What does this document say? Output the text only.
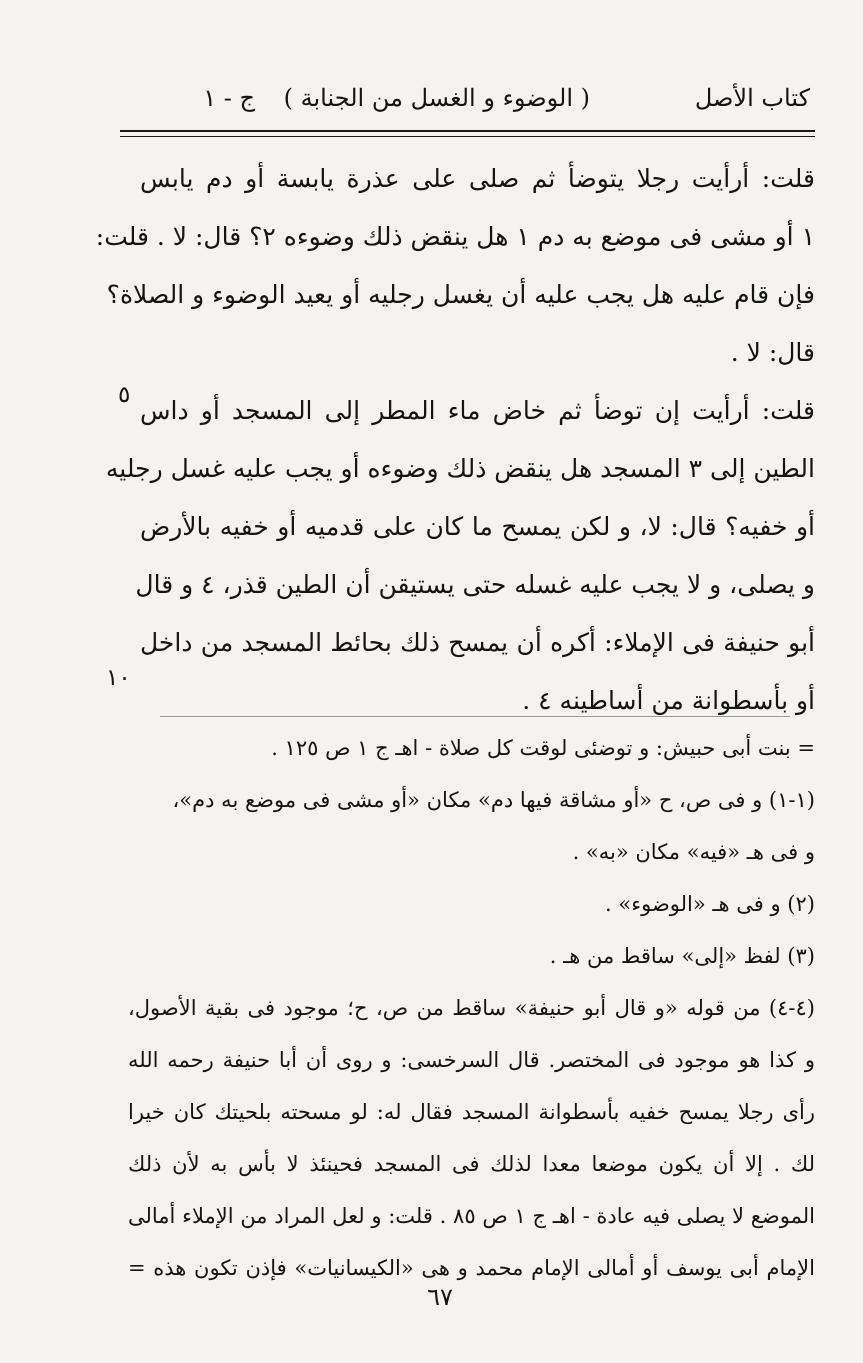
كتاب الأصل
( الوضوء و الغسل من الجنابة )
ج - ١
قلت: أرأيت رجلا يتوضأ ثم صلى على عذرة يابسة أو دم يابس
١ أو مشى فى موضع به دم ١ هل ينقض ذلك وضوءه ٢؟ قال: لا . قلت:
فإن قام عليه هل يجب عليه أن يغسل رجليه أو يعيد الوضوء و الصلاة؟
قال: لا .
قلت: أرأيت إن توضأ ثم خاض ماء المطر إلى المسجد أو داس
الطين إلى ٣ المسجد هل ينقض ذلك وضوءه أو يجب عليه غسل رجليه
أو خفيه؟ قال: لا، و لكن يمسح ما كان على قدميه أو خفيه بالأرض
و يصلى، و لا يجب عليه غسله حتى يستيقن أن الطين قذر، ٤ و قال
أبو حنيفة فى الإملاء: أكره أن يمسح ذلك بحائط المسجد من داخل
أو بأسطوانة من أساطينه ٤ .
٥
١٠
= بنت أبى حبيش: و توضئى لوقت كل صلاة - اهـ ج ١ ص ١٢٥ .
(١-١) و فى ص، ح «أو مشاقة فيها دم» مكان «أو مشى فى موضع به دم»،
و فى هـ «فيه» مكان «به» .
(٢) و فى هـ «الوضوء» .
(٣) لفظ «إلى» ساقط من هـ .
(٤-٤) من قوله «و قال أبو حنيفة» ساقط من ص، ح؛ موجود فى بقية الأصول،
و كذا هو موجود فى المختصر. قال السرخسى: و روى أن أبا حنيفة رحمه الله
رأى رجلا يمسح خفيه بأسطوانة المسجد فقال له: لو مسحته بلحيتك كان خيرا
لك . إلا أن يكون موضعا معدا لذلك فى المسجد فحينئذ لا بأس به لأن ذلك
الموضع لا يصلى فيه عادة - اهـ ج ١ ص ٨٥ . قلت: و لعل المراد من الإملاء أمالى
الإمام أبى يوسف أو أمالى الإمام محمد و هى «الكيسانيات» فإذن تكون هذه =
٦٧
